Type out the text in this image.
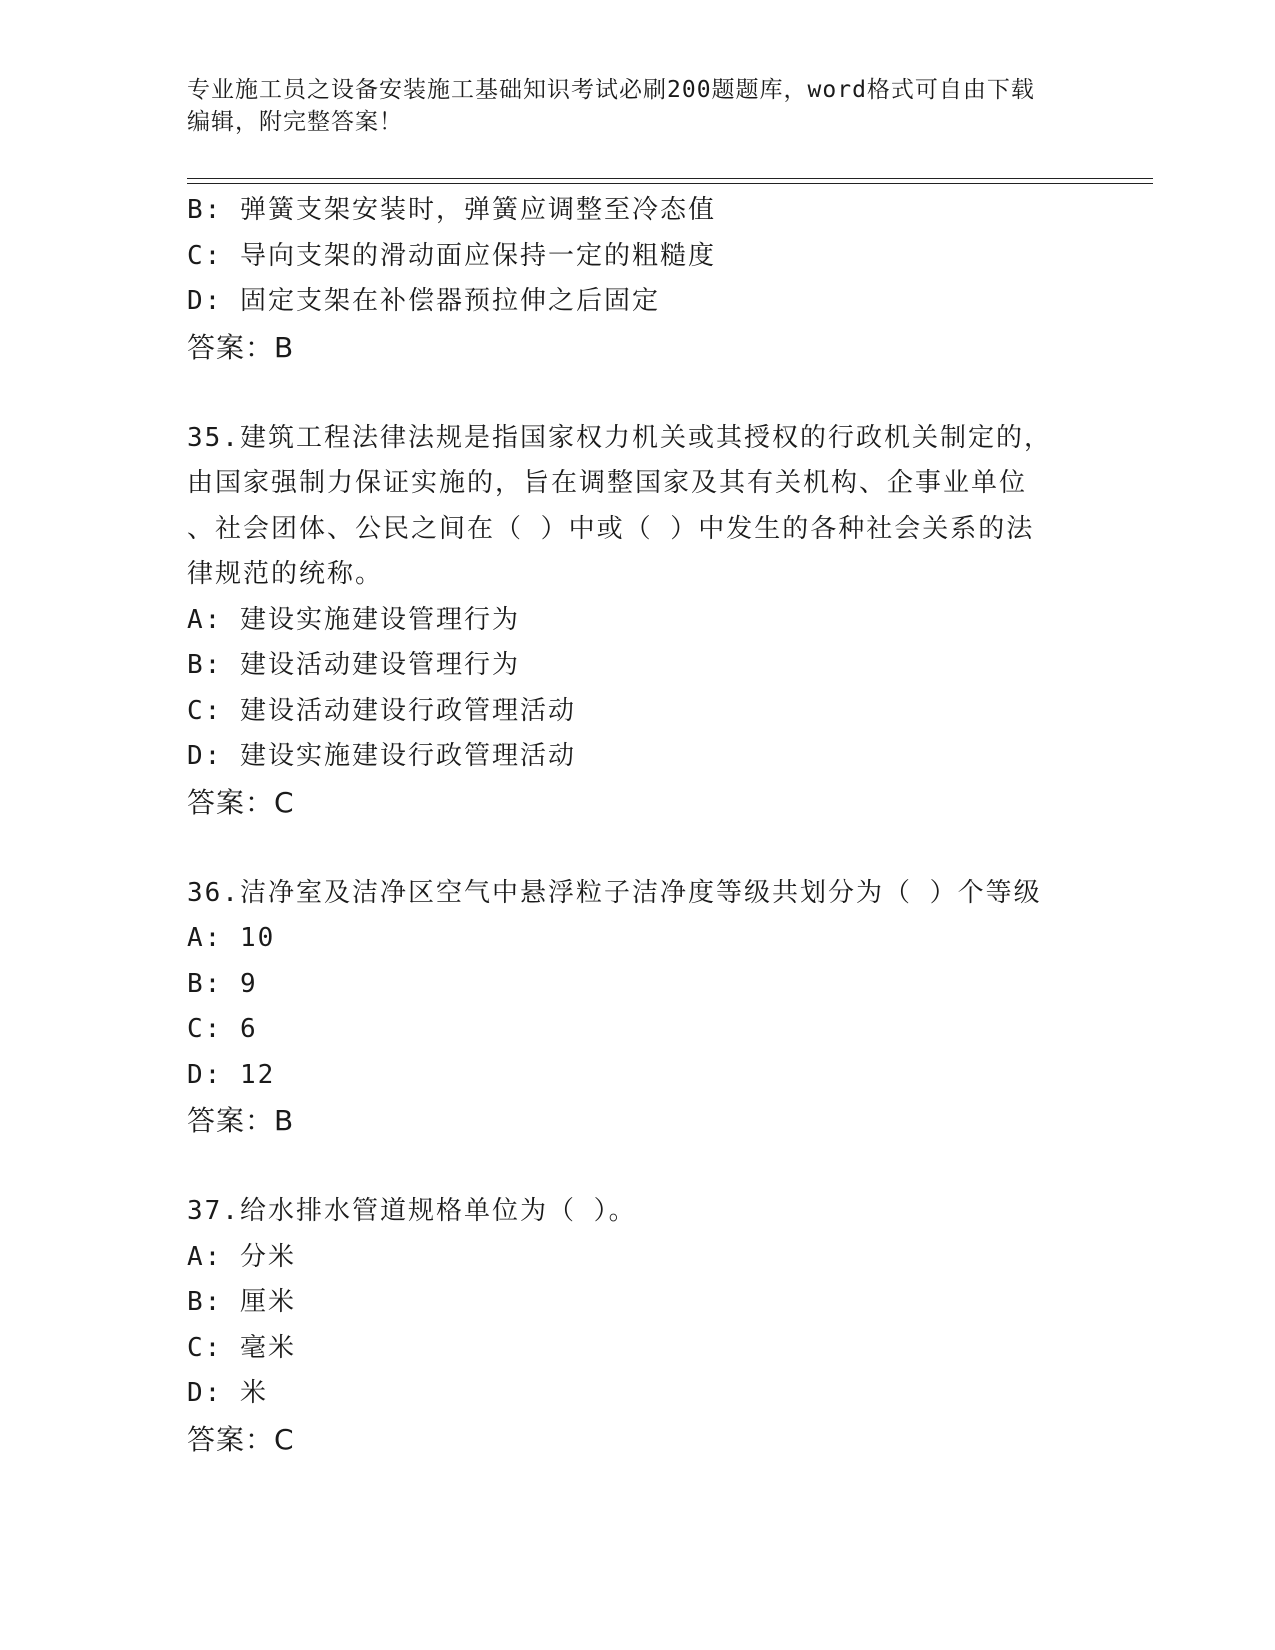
专业施工员之设备安装施工基础知识考试必刷200题题库，word格式可自由下载
编辑，附完整答案！
B: 弹簧支架安装时，弹簧应调整至冷态值
C: 导向支架的滑动面应保持一定的粗糙度
D: 固定支架在补偿器预拉伸之后固定
答案：B
35.建筑工程法律法规是指国家权力机关或其授权的行政机关制定的，
由国家强制力保证实施的，旨在调整国家及其有关机构、企事业单位
、社会团体、公民之间在（ ）中或（ ）中发生的各种社会关系的法
律规范的统称。
A: 建设实施建设管理行为
B: 建设活动建设管理行为
C: 建设活动建设行政管理活动
D: 建设实施建设行政管理活动
答案：C
36.洁净室及洁净区空气中悬浮粒子洁净度等级共划分为（ ）个等级
A: 10
B: 9
C: 6
D: 12
答案：B
37.给水排水管道规格单位为（ ）。
A: 分米
B: 厘米
C: 毫米
D: 米
答案：C
